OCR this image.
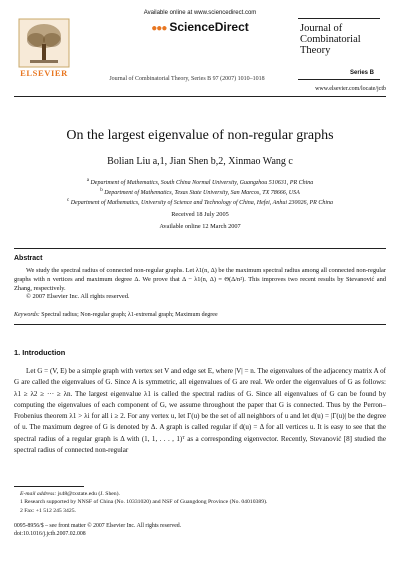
ELSEVIER
Available online at www.sciencedirect.com
●●● ScienceDirect
Journal of Combinatorial Theory, Series B 97 (2007) 1010–1018
Journal of
Combinatorial
Theory
Series B
www.elsevier.com/locate/jctb
On the largest eigenvalue of non-regular graphs
Bolian Liu a,1, Jian Shen b,2, Xinmao Wang c
$^a$ Department of Mathematics, South China Normal University, Guangzhou 510631, PR China
$^b$ Department of Mathematics, Texas State University, San Marcos, TX 78666, USA
$^c$ Department of Mathematics, University of Science and Technology of China, Hefei, Anhui 230026, PR China
Received 18 July 2005
Available online 12 March 2007
Abstract
We study the spectral radius of connected non-regular graphs. Let λ1(n, Δ) be the maximum spectral radius among all connected non-regular graphs with n vertices and maximum degree Δ. We prove that Δ − λ1(n, Δ) = Θ(Δ/n²). This improves two recent results by Stevanović and Zhang, respectively.
© 2007 Elsevier Inc. All rights reserved.
Keywords: Spectral radius; Non-regular graph; λ1-extremal graph; Maximum degree
1. Introduction
Let G = (V, E) be a simple graph with vertex set V and edge set E, where |V| = n. The eigenvalues of the adjacency matrix A of G are called the eigenvalues of G. Since A is symmetric, all eigenvalues of G are real. We order the eigenvalues of G as follows: λ1 ≥ λ2 ≥ ··· ≥ λn. The largest eigenvalue λ1 is called the spectral radius of G. Since all eigenvalues of G can be found by computing the eigenvalues of each component of G, we assume throughout the paper that G is connected. Thus by the Perron–Frobenius theorem λ1 > λi for all i ≥ 2. For any vertex u, let Γ(u) be the set of all neighbors of u and let d(u) = |Γ(u)| be the degree of u. The maximum degree of G is denoted by Δ. A graph is called regular if d(u) = Δ for all vertices u. It is easy to see that the spectral radius of a regular graph is Δ with (1, 1, . . . , 1)ᵀ as a corresponding eigenvector. Recently, Stevanović [8] studied the spectral radius of connected non-regular
E-mail address: js48@txstate.edu (J. Shen).
1 Research supported by NNSF of China (No. 10331020) and NSF of Guangdong Province (No. 04010389).
2 Fax: +1 512 245 3425.
0095-8956/$ – see front matter © 2007 Elsevier Inc. All rights reserved.
doi:10.1016/j.jctb.2007.02.008
